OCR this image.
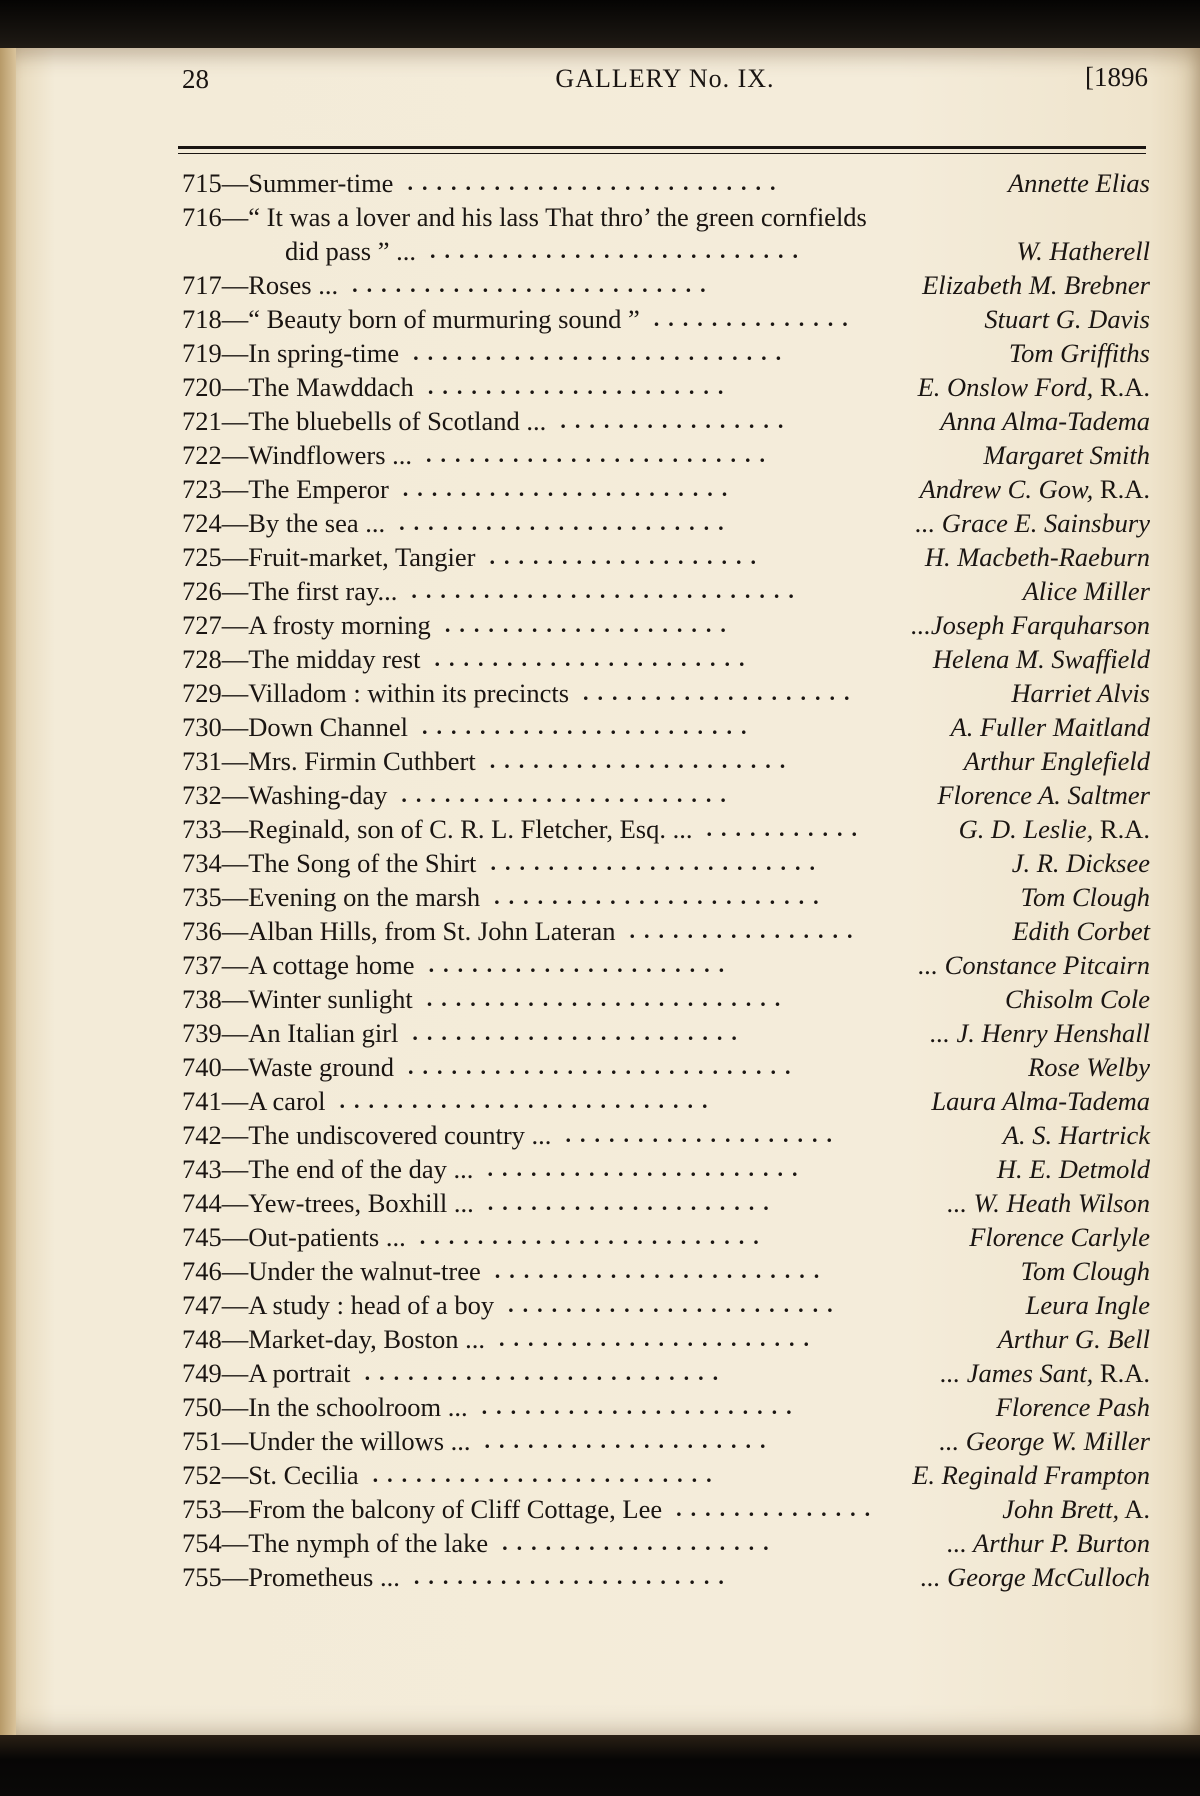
28	GALLERY No. IX.	[1896
715—Summer-time	Annette Elias
..........................
716—“ It was a lover and his lass That thro’ the green cornfields
did pass ” ...	W. Hatherell
..........................
717—Roses ...	Elizabeth M. Brebner
.........................
718—“ Beauty born of murmuring sound ”	Stuart G. Davis
..............
719—In spring-time	Tom Griffiths
..........................
720—The Mawddach	E. Onslow Ford, R.A.
.....................
721—The bluebells of Scotland ...	Anna Alma-Tadema
................
722—Windflowers ...	Margaret Smith
........................
723—The Emperor	Andrew C. Gow, R.A.
.......................
724—By the sea ...	... Grace E. Sainsbury
.......................
725—Fruit-market, Tangier	H. Macbeth-Raeburn
...................
726—The first ray...	Alice Miller
...........................
727—A frosty morning	...Joseph Farquharson
....................
728—The midday rest	Helena M. Swaffield
......................
729—Villadom : within its precincts	Harriet Alvis
...................
730—Down Channel	A. Fuller Maitland
.......................
731—Mrs. Firmin Cuthbert	Arthur Englefield
.....................
732—Washing-day	Florence A. Saltmer
.......................
733—Reginald, son of C. R. L. Fletcher, Esq. ...	G. D. Leslie, R.A.
...........
734—The Song of the Shirt	J. R. Dicksee
.......................
735—Evening on the marsh	Tom Clough
.......................
736—Alban Hills, from St. John Lateran	Edith Corbet
................
737—A cottage home	... Constance Pitcairn
.....................
738—Winter sunlight	Chisolm Cole
.........................
739—An Italian girl	... J. Henry Henshall
.......................
740—Waste ground	Rose Welby
...........................
741—A carol	Laura Alma-Tadema
..........................
742—The undiscovered country ...	A. S. Hartrick
...................
743—The end of the day ...	H. E. Detmold
......................
744—Yew-trees, Boxhill ...	... W. Heath Wilson
....................
745—Out-patients ...	Florence Carlyle
........................
746—Under the walnut-tree	Tom Clough
.......................
747—A study : head of a boy	Leura Ingle
.......................
748—Market-day, Boston ...	Arthur G. Bell
......................
749—A portrait	... James Sant, R.A.
.........................
750—In the schoolroom ...	Florence Pash
......................
751—Under the willows ...	... George W. Miller
....................
752—St. Cecilia	E. Reginald Frampton
........................
753—From the balcony of Cliff Cottage, Lee	John Brett, A.
..............
754—The nymph of the lake	... Arthur P. Burton
...................
755—Prometheus ...	... George McCulloch
......................
